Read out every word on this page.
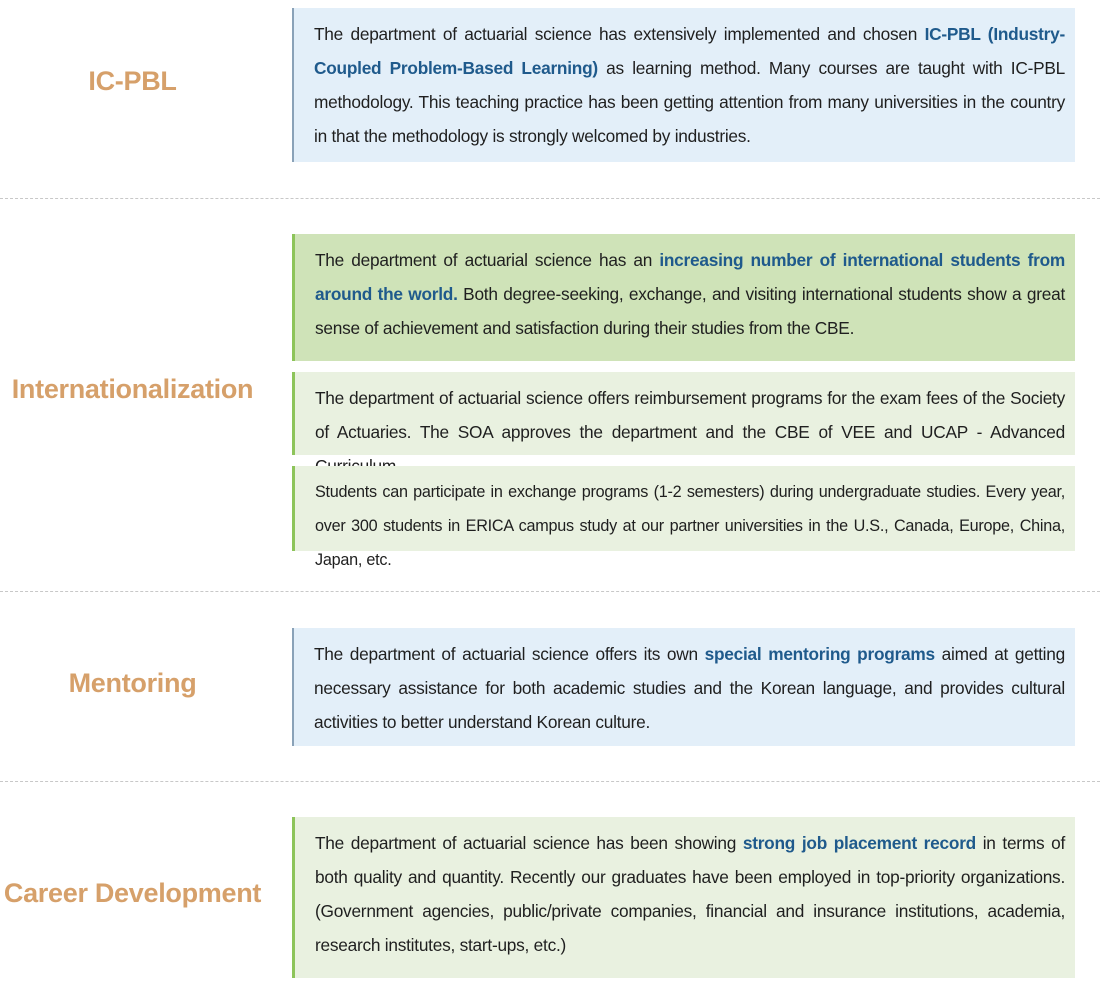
IC-PBL
The department of actuarial science has extensively implemented and chosen IC-PBL (Industry-Coupled Problem-Based Learning) as learning method. Many courses are taught with IC-PBL methodology. This teaching practice has been getting attention from many universities in the country in that the methodology is strongly welcomed by industries.
Internationalization
The department of actuarial science has an increasing number of international students from around the world. Both degree-seeking, exchange, and visiting international students show a great sense of achievement and satisfaction during their studies from the CBE.
The department of actuarial science offers reimbursement programs for the exam fees of the Society of Actuaries. The SOA approves the department and the CBE of VEE and UCAP - Advanced
Students can participate in exchange programs (1-2 semesters) during undergraduate studies. Every year, over 300 students in ERICA campus study at our partner universities in the U.S., Canada, Europe, China, Japan, etc.
Mentoring
The department of actuarial science offers its own special mentoring programs aimed at getting necessary assistance for both academic studies and the Korean language, and provides cultural activities to better understand Korean culture.
Career Development
The department of actuarial science has been showing strong job placement record in terms of both quality and quantity. Recently our graduates have been employed in top-priority organizations. (Government agencies, public/private companies, financial and insurance institutions, academia, research institutes, start-ups, etc.)
